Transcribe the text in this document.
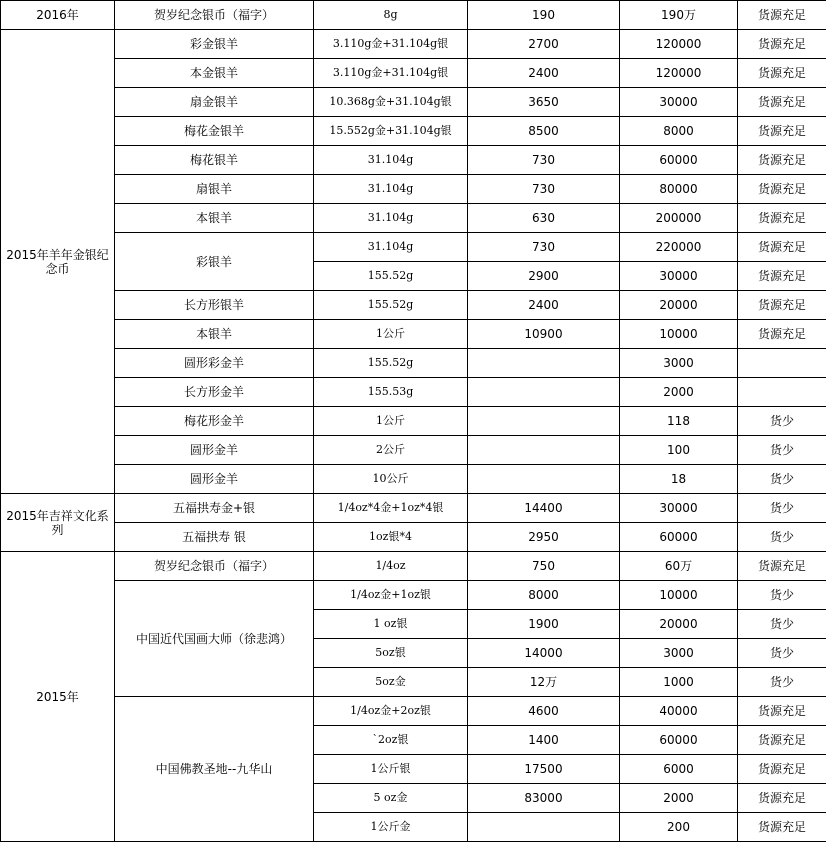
2016年	贺岁纪念银币（福字）	8g	190	190万	货源充足
2015年羊年金银纪念币	彩金银羊	3.110g金+31.104g银	2700	120000	货源充足
	本金银羊	3.110g金+31.104g银	2400	120000	货源充足
	扇金银羊	10.368g金+31.104g银	3650	30000	货源充足
	梅花金银羊	15.552g金+31.104g银	8500	8000	货源充足
	梅花银羊	31.104g	730	60000	货源充足
	扇银羊	31.104g	730	80000	货源充足
	本银羊	31.104g	630	200000	货源充足
	彩银羊	31.104g	730	220000	货源充足
		155.52g	2900	30000	货源充足
	长方形银羊	155.52g	2400	20000	货源充足
	本银羊	1公斤	10900	10000	货源充足
	圆形彩金羊	155.52g		3000	
	长方形金羊	155.53g		2000	
	梅花形金羊	1公斤		118	货少
	圆形金羊	2公斤		100	货少
	圆形金羊	10公斤		18	货少
2015年吉祥文化系列	五福拱寿金+银	1/4oz*4金+1oz*4银	14400	30000	货少
	五福拱寿 银	1oz银*4	2950	60000	货少
2015年	贺岁纪念银币（福字）	1/4oz	750	60万	货源充足
	中国近代国画大师（徐悲鸿）	1/4oz金+1oz银	8000	10000	货少
		1 oz银	1900	20000	货少
		5oz银	14000	3000	货少
		5oz金	12万	1000	货少
	中国佛教圣地--九华山	1/4oz金+2oz银	4600	40000	货源充足
		`2oz银	1400	60000	货源充足
		1公斤银	17500	6000	货源充足
		5 oz金	83000	2000	货源充足
		1公斤金		200	货源充足
